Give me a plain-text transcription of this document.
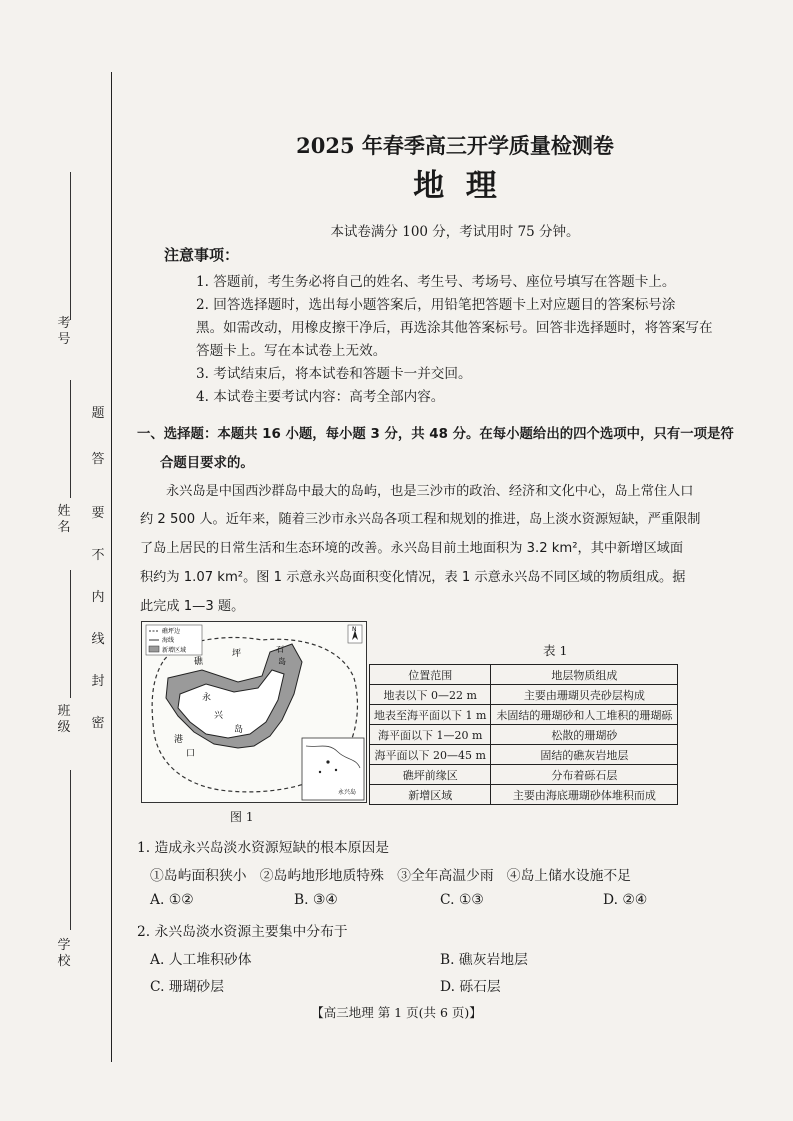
考号
姓名
班级
学校
密
封
线
内
不
要
答
题
2025 年春季高三开学质量检测卷
地  理
本试卷满分 100 分，考试用时 75 分钟。
注意事项：
1. 答题前，考生务必将自己的姓名、考生号、考场号、座位号填写在答题卡上。
2. 回答选择题时，选出每小题答案后，用铅笔把答题卡上对应题目的答案标号涂
黑。如需改动，用橡皮擦干净后，再选涂其他答案标号。回答非选择题时，将答案写在
答题卡上。写在本试卷上无效。
3. 考试结束后，将本试卷和答题卡一并交回。
4. 本试卷主要考试内容：高考全部内容。
一、选择题：本题共 16 小题，每小题 3 分，共 48 分。在每小题给出的四个选项中，只有一项是符
合题目要求的。
永兴岛是中国西沙群岛中最大的岛屿，也是三沙市的政治、经济和文化中心，岛上常住人口
约 2 500 人。近年来，随着三沙市永兴岛各项工程和规划的推进，岛上淡水资源短缺，严重限制
了岛上居民的日常生活和生态环境的改善。永兴岛目前土地面积为 3.2 km²，其中新增区域面
积约为 1.07 km²。图 1 示意永兴岛面积变化情况，表 1 示意永兴岛不同区域的物质组成。据
此完成 1—3 题。
礁坪边
海线
新增区域
N
永兴岛
礁
坪	石
岛
永
兴
岛
港
口
图 1
表 1
位置范围	地层物质组成
地表以下 0—22 m	主要由珊瑚贝壳砂层构成
地表至海平面以下 1 m	未固结的珊瑚砂和人工堆积的珊瑚砾
海平面以下 1—20 m	松散的珊瑚砂
海平面以下 20—45 m	固结的礁灰岩地层
礁坪前缘区	分布着砾石层
新增区域	主要由海底珊瑚砂体堆积而成
1. 造成永兴岛淡水资源短缺的根本原因是
①岛屿面积狭小   ②岛屿地形地质特殊   ③全年高温少雨   ④岛上储水设施不足
A. ①②	B. ③④	C. ①③	D. ②④
2. 永兴岛淡水资源主要集中分布于
A. 人工堆积砂体	B. 礁灰岩地层
C. 珊瑚砂层	D. 砾石层
【高三地理 第 1 页(共 6 页)】
